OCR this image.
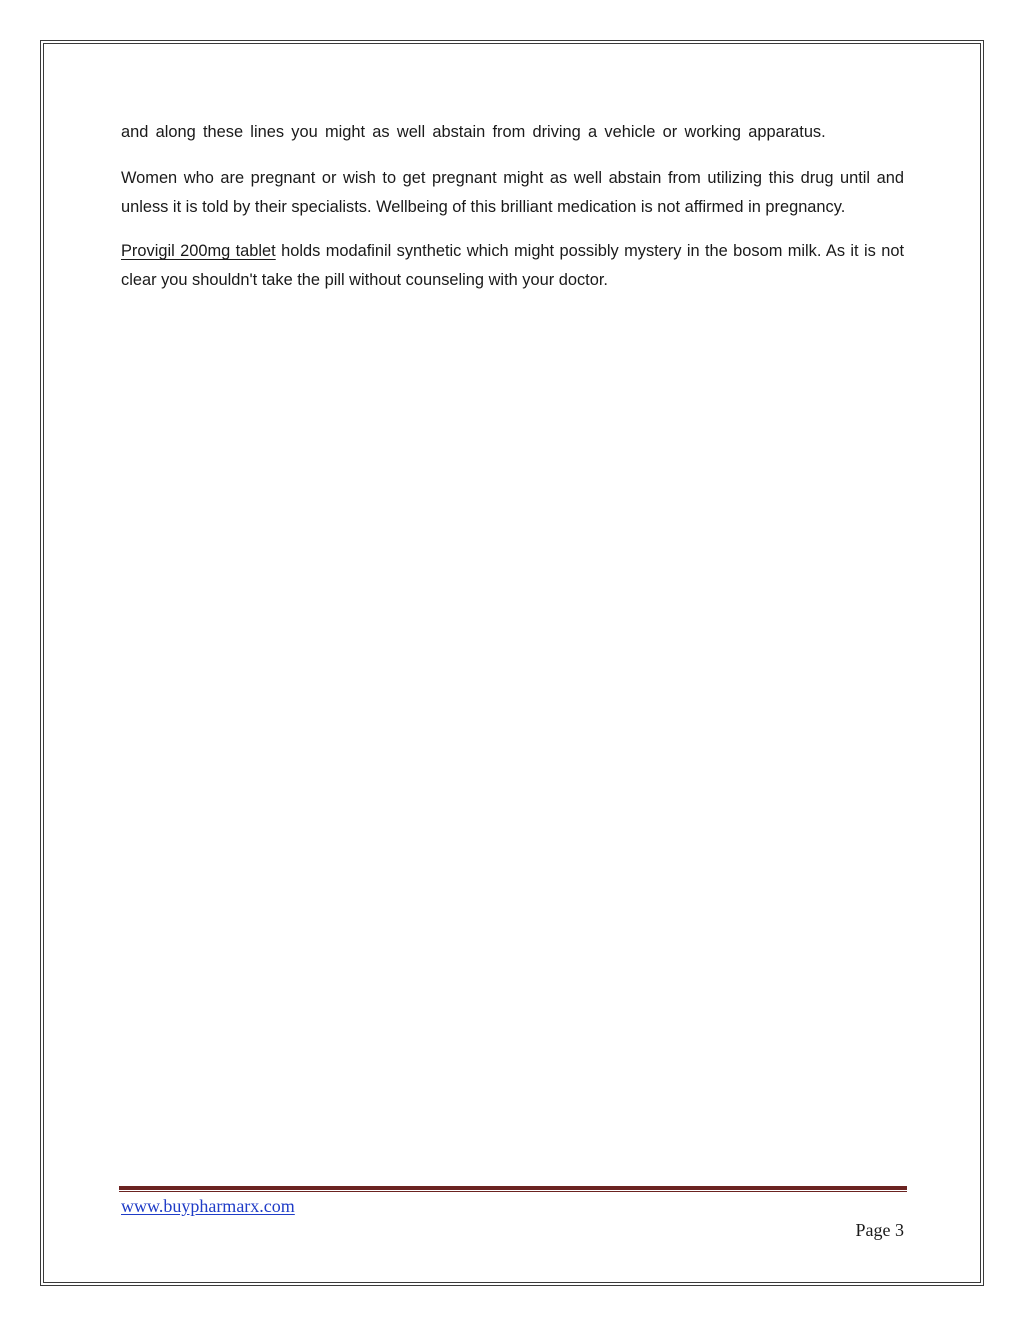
and along these lines you might as well abstain from driving a vehicle or working apparatus.

Women who are pregnant or wish to get pregnant might as well abstain from utilizing this drug until and unless it is told by their specialists. Wellbeing of this brilliant medication is not affirmed in pregnancy.

Provigil 200mg tablet holds modafinil synthetic which might possibly mystery in the bosom milk. As it is not clear you shouldn't take the pill without counseling with your doctor.

www.buypharmarx.com
Page 3
